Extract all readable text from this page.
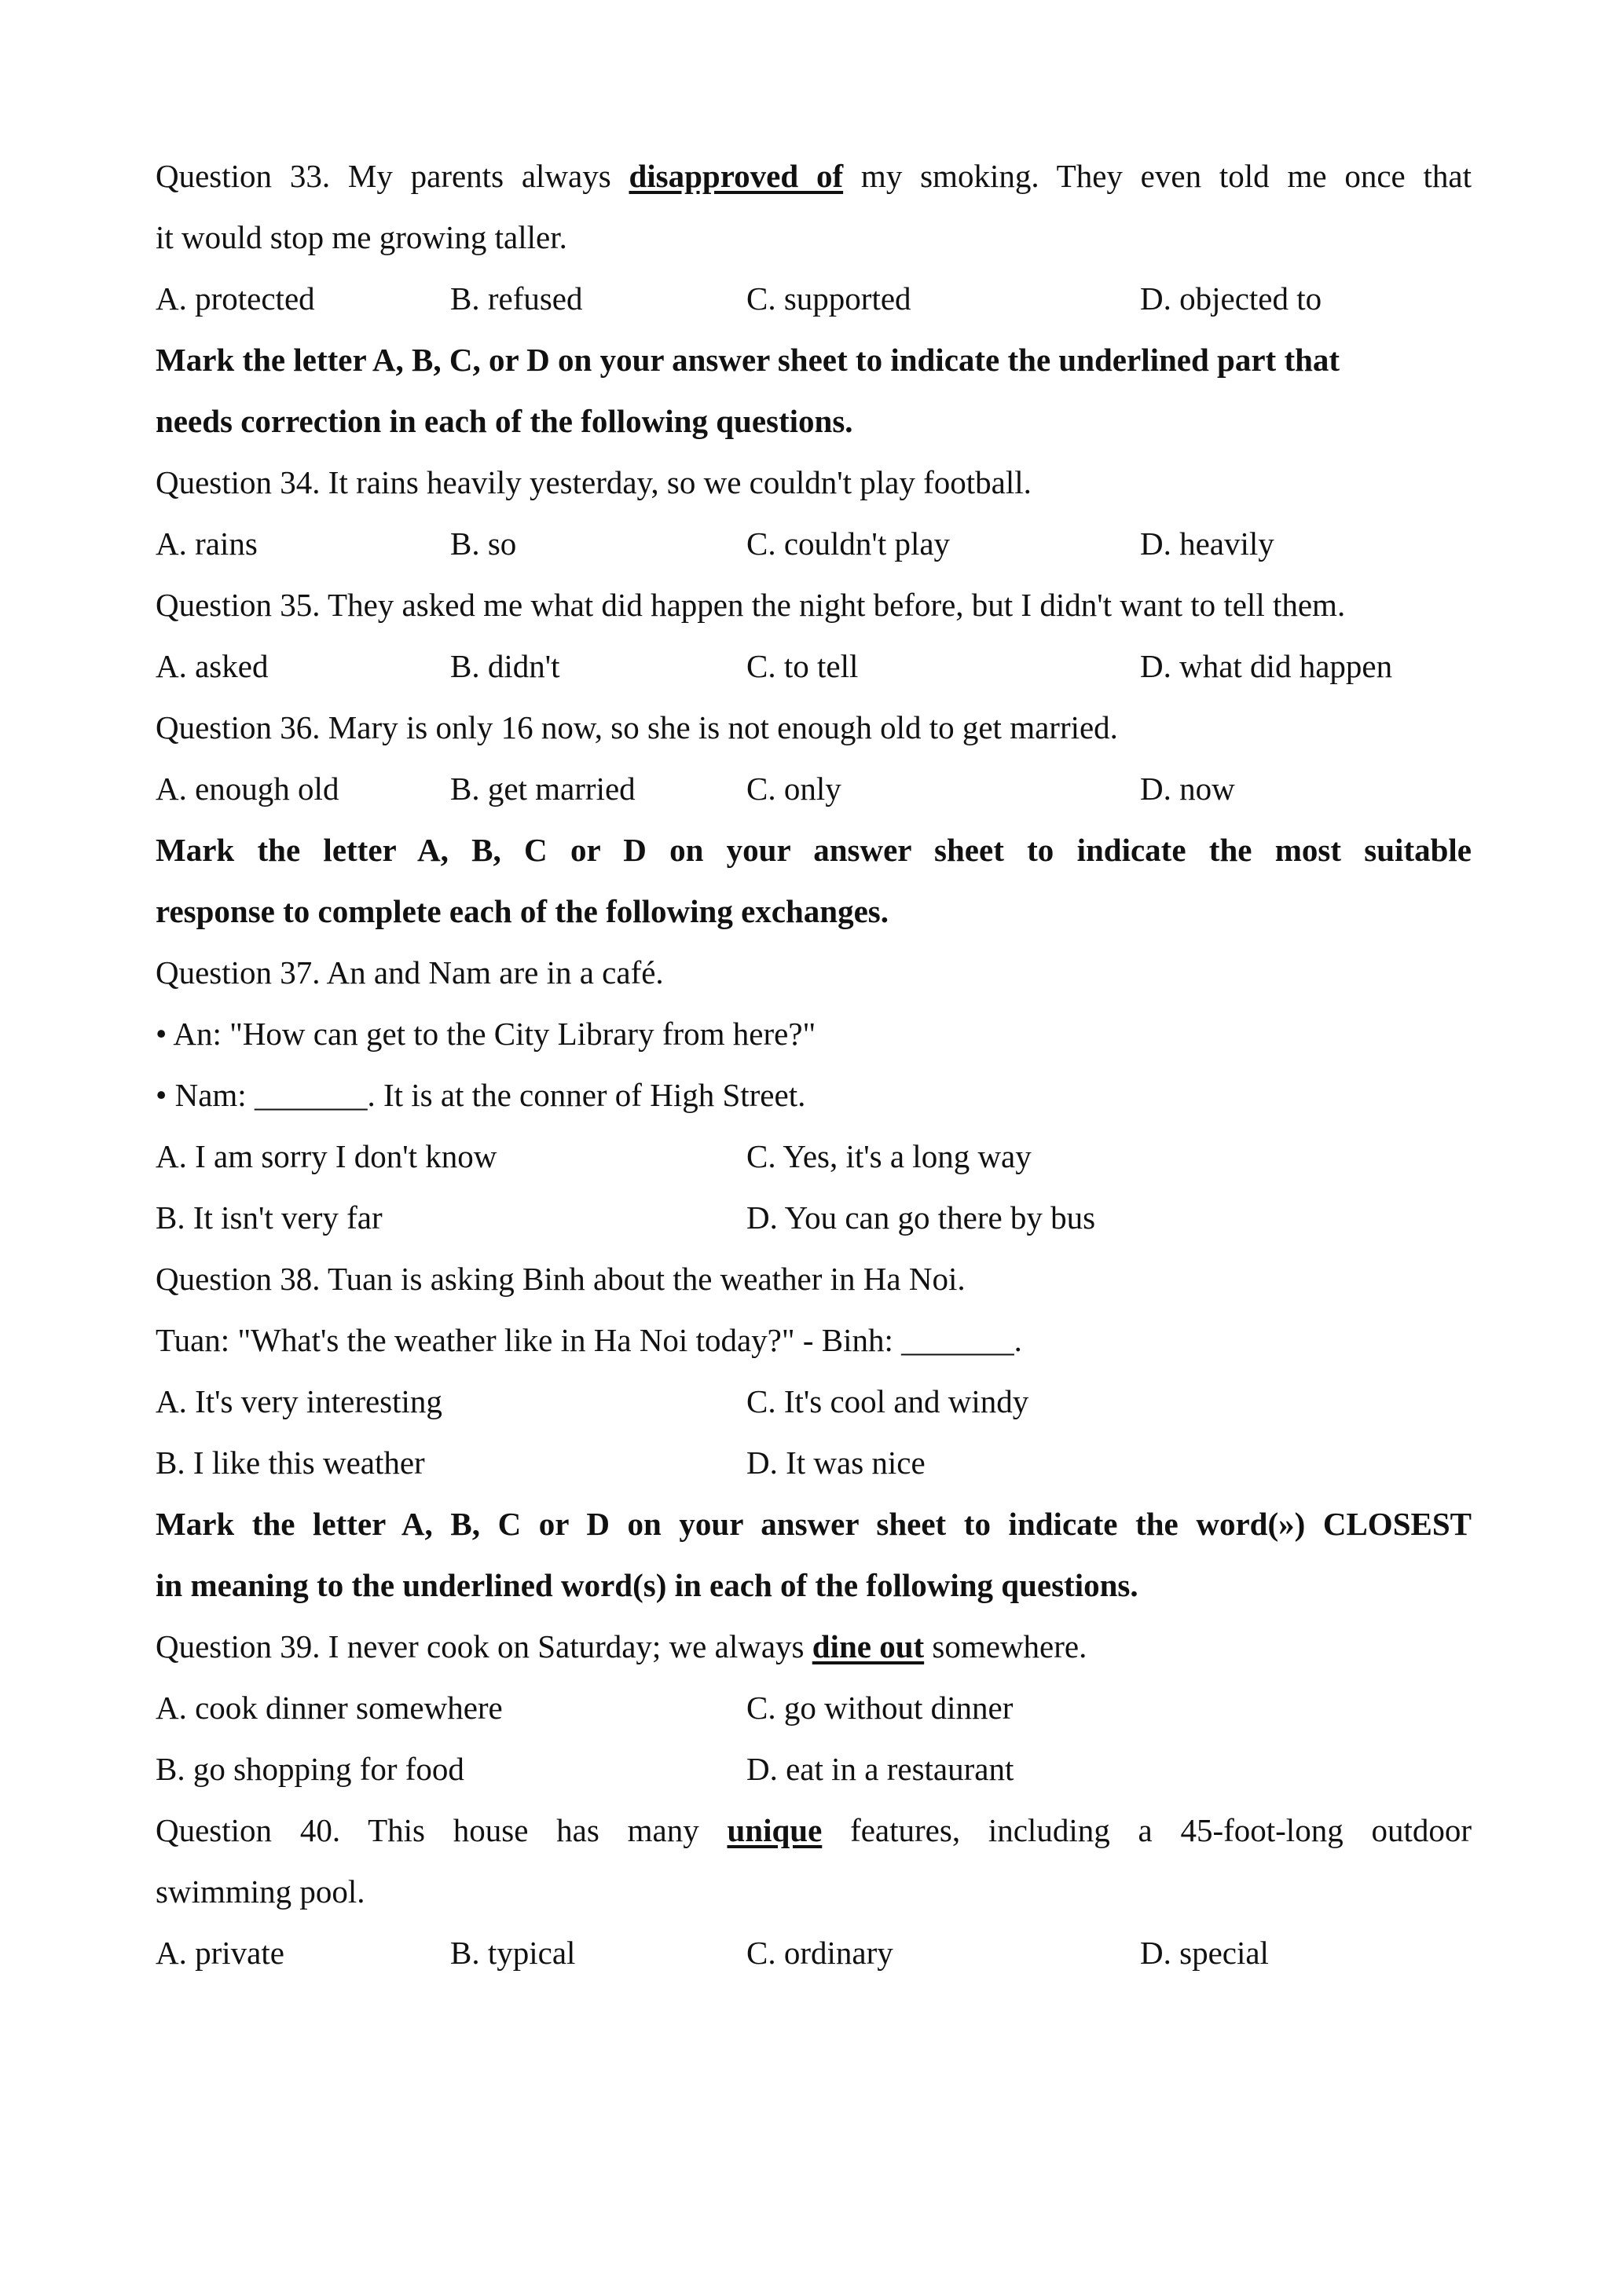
Question 33. My parents always disapproved of my smoking. They even told me once that
it would stop me growing taller.
A. protected	B. refused	C. supported	D. objected to
Mark the letter A, B, C, or D on your answer sheet to indicate the underlined part that
needs correction in each of the following questions.
Question 34. It rains heavily yesterday, so we couldn't play football.
A. rains	B. so	C. couldn't play	D. heavily
Question 35. They asked me what did happen the night before, but I didn't want to tell them.
A. asked	B. didn't	C. to tell	D. what did happen
Question 36. Mary is only 16 now, so she is not enough old to get married.
A. enough old	B. get married	C. only	D. now
Mark the letter A, B, C or D on your answer sheet to indicate the most suitable
response to complete each of the following exchanges.
Question 37. An and Nam are in a café.
• An: "How can get to the City Library from here?"
• Nam: _______. It is at the conner of High Street.
A. I am sorry I don't know	C. Yes, it's a long way
B. It isn't very far	D. You can go there by bus
Question 38. Tuan is asking Binh about the weather in Ha Noi.
Tuan: "What's the weather like in Ha Noi today?" - Binh: _______.
A. It's very interesting	C. It's cool and windy
B. I like this weather	D. It was nice
Mark the letter A, B, C or D on your answer sheet to indicate the word(») CLOSEST
in meaning to the underlined word(s) in each of the following questions.
Question 39. I never cook on Saturday; we always dine out somewhere.
A. cook dinner somewhere	C. go without dinner
B. go shopping for food	D. eat in a restaurant
Question 40. This house has many unique features, including a 45-foot-long outdoor
swimming pool.
A. private	B. typical	C. ordinary	D. special
